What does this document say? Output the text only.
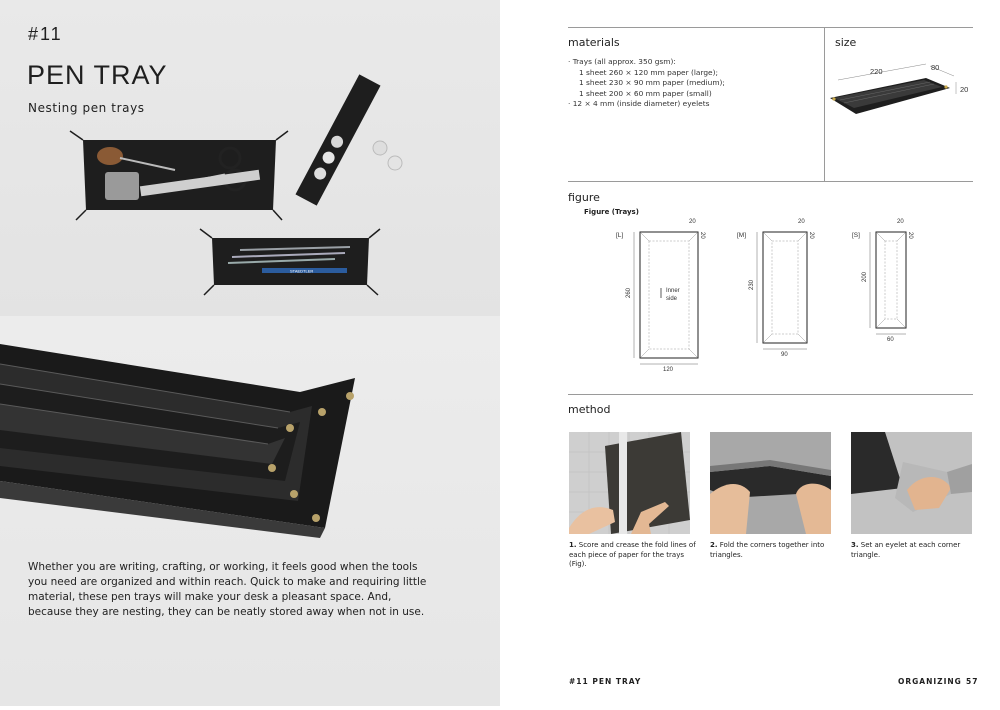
STAEDTLER
#11
PEN TRAY
Nesting pen trays
Whether you are writing, crafting, or working, it feels good when the tools you need are organized and within reach. Quick to make and requiring little material, these pen trays will make your desk a pleasant space. And, because they are nesting, they can be neatly stored away when not in use.
materials	size
· Trays (all approx. 350 gsm):
1 sheet 260 × 120 mm paper (large);
1 sheet 230 × 90 mm paper (medium);
1 sheet 200 × 60 mm paper (small)
· 12 × 4 mm (inside diameter) eyelets
220	80
20
figure
Figure (Trays)
[L]
260
120
20
20
Inner
side
[M]
230
90
20
20	[S]
200
60
20
20
method
1. Score and crease the fold lines of each piece of paper for the trays (Fig).
2. Fold the corners together into triangles.
3. Set an eyelet at each corner triangle.
#11 PEN TRAY	ORGANIZING 57
